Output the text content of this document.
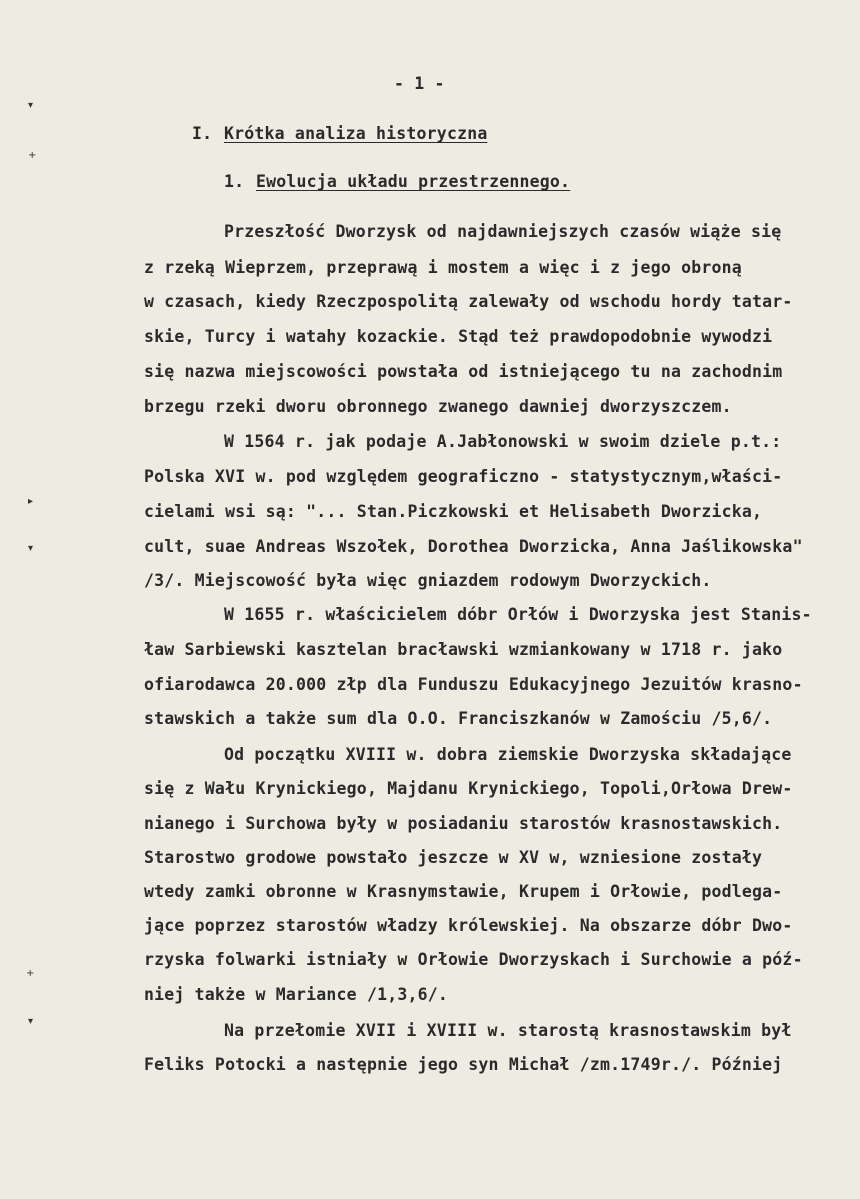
- 1 -
I. Krótka analiza historyczna
1. Ewolucja układu przestrzennego.
Przeszłość Dworzysk od najdawniejszych czasów wiąże się
z rzeką Wieprzem, przeprawą i mostem a więc i z jego obroną
w czasach, kiedy Rzeczpospolitą zalewały od wschodu hordy tatar-
skie, Turcy i watahy kozackie. Stąd też prawdopodobnie wywodzi
się nazwa miejscowości powstała od istniejącego tu na zachodnim
brzegu rzeki dworu obronnego zwanego dawniej dworzyszczem.
W 1564 r. jak podaje A.Jabłonowski w swoim dziele p.t.:
Polska XVI w. pod względem geograficzno - statystycznym,właści-
cielami wsi są: "... Stan.Piczkowski et Helisabeth Dworzicka,
cult, suae Andreas Wszołek, Dorothea Dworzicka, Anna Jaślikowska"
/3/. Miejscowość była więc gniazdem rodowym Dworzyckich.
W 1655 r. właścicielem dóbr Orłów i Dworzyska jest Stanis-
ław Sarbiewski kasztelan bracławski wzmiankowany w 1718 r. jako
ofiarodawca 20.000 złp dla Funduszu Edukacyjnego Jezuitów krasno-
stawskich a także sum dla O.O. Franciszkanów w Zamościu /5,6/.
Od początku XVIII w. dobra ziemskie Dworzyska składające
się z Wału Krynickiego, Majdanu Krynickiego, Topoli,Orłowa Drew-
nianego i Surchowa były w posiadaniu starostów krasnostawskich.
Starostwo grodowe powstało jeszcze w XV w, wzniesione zostały
wtedy zamki obronne w Krasnymstawie, Krupem i Orłowie, podlega-
jące poprzez starostów władzy królewskiej. Na obszarze dóbr Dwo-
rzyska folwarki istniały w Orłowie Dworzyskach i Surchowie a póź-
niej także w Mariance /1,3,6/.
Na przełomie XVII i XVIII w. starostą krasnostawskim był
Feliks Potocki a następnie jego syn Michał /zm.1749r./. Później
▾
+
▸
▾
+
▾
